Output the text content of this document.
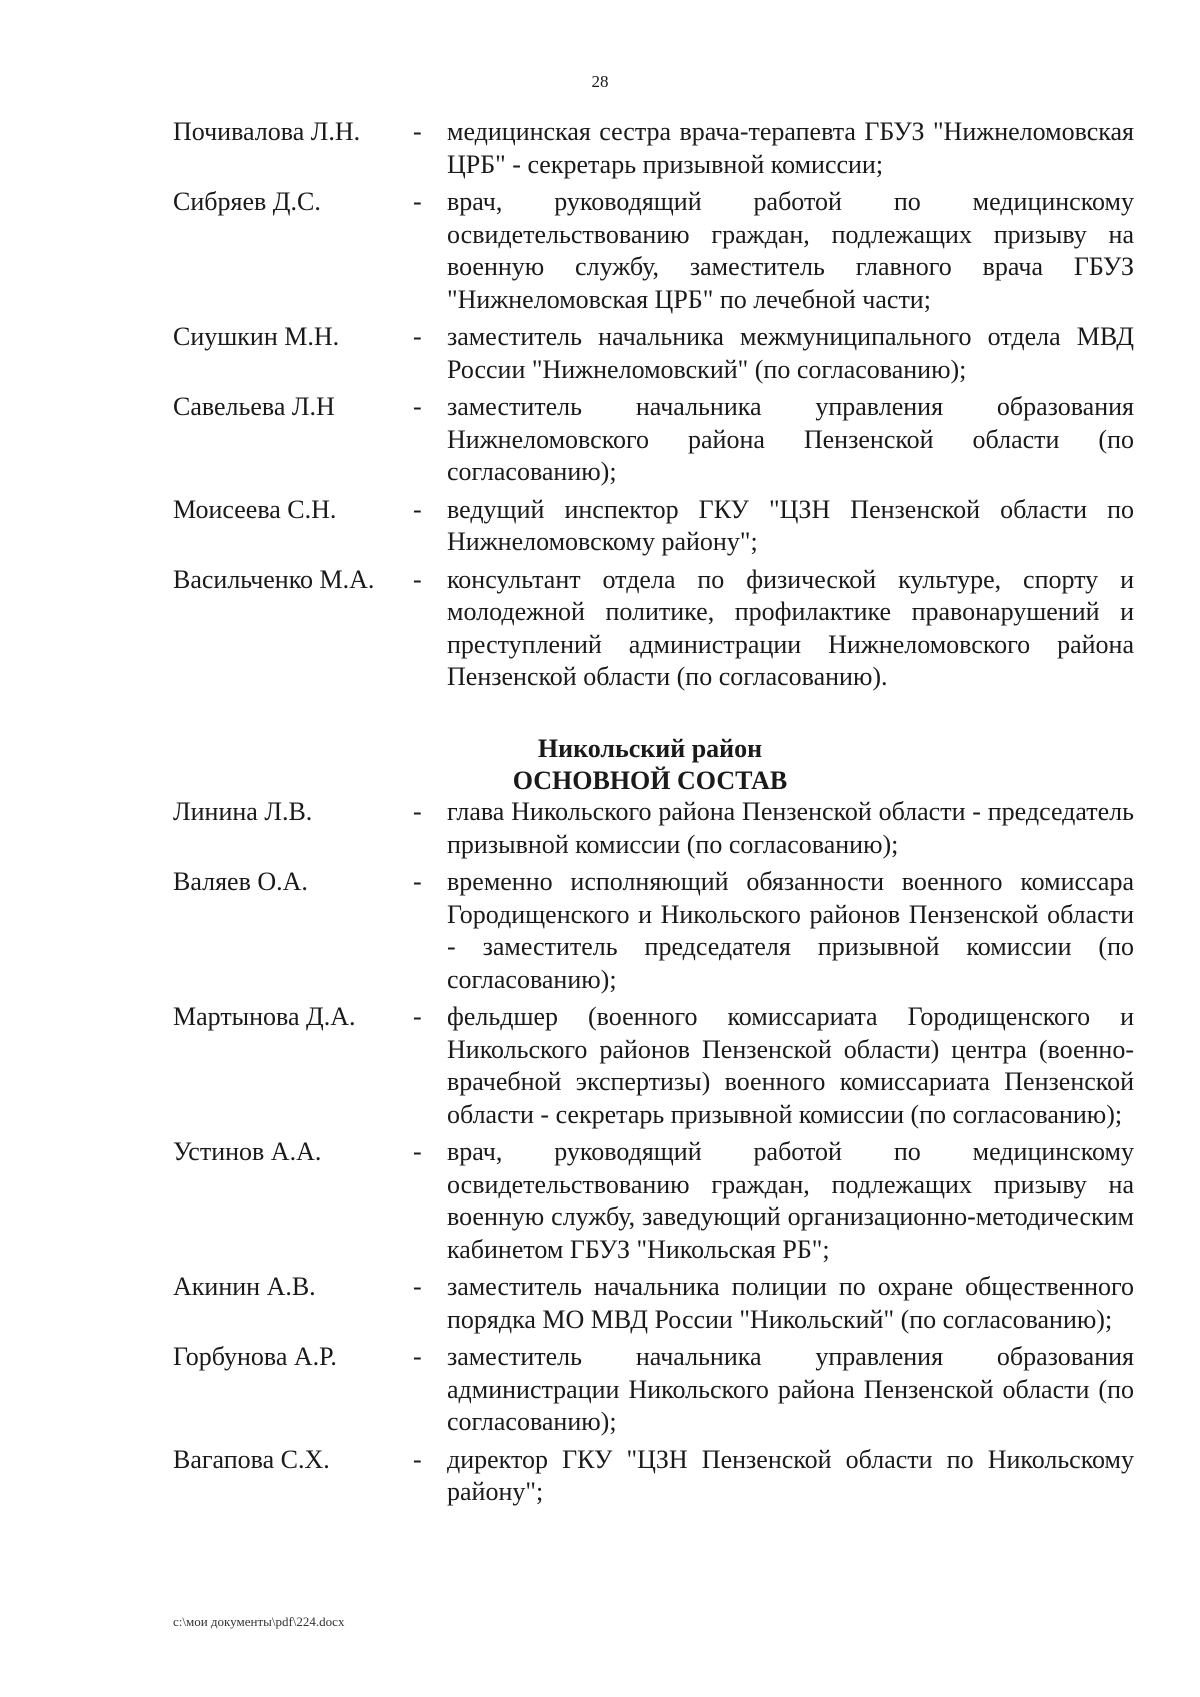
28
Почивалова Л.Н.	- медицинская сестра врача-терапевта ГБУЗ "Нижнеломовская ЦРБ" - секретарь призывной комиссии;
Сибряев Д.С.	- врач, руководящий работой по медицинскому освидетельствованию граждан, подлежащих призыву на военную службу, заместитель главного врача ГБУЗ "Нижнеломовская ЦРБ" по лечебной части;
Сиушкин М.Н.	- заместитель начальника межмуниципального отдела МВД России "Нижнеломовский" (по согласованию);
Савельева Л.Н	- заместитель начальника управления образования Нижнеломовского района Пензенской области (по согласованию);
Моисеева С.Н.	- ведущий инспектор ГКУ "ЦЗН Пензенской области по Нижнеломовскому району";
Васильченко М.А.	- консультант отдела по физической культуре, спорту и молодежной политике, профилактике правонарушений и преступлений администрации Нижнеломовского района Пензенской области (по согласованию).
Никольский район
ОСНОВНОЙ СОСТАВ
Линина Л.В.	- глава Никольского района Пензенской области - председатель призывной комиссии (по согласованию);
Валяев О.А.	- временно исполняющий обязанности военного комиссара Городищенского и Никольского районов Пензенской области - заместитель председателя призывной комиссии (по согласованию);
Мартынова Д.А.	- фельдшер (военного комиссариата Городищенского и Никольского районов Пензенской области) центра (военно-врачебной экспертизы) военного комиссариата Пензенской области - секретарь призывной комиссии (по согласованию);
Устинов А.А.	- врач, руководящий работой по медицинскому освидетельствованию граждан, подлежащих призыву на военную службу, заведующий организационно-методическим кабинетом ГБУЗ "Никольская РБ";
Акинин А.В.	- заместитель начальника полиции по охране общественного порядка МО МВД России "Никольский" (по согласованию);
Горбунова А.Р.	- заместитель начальника управления образования администрации Никольского района Пензенской области (по согласованию);
Вагапова С.Х.	- директор ГКУ "ЦЗН Пензенской области по Никольскому району";
c:\мои документы\pdf\224.docx
